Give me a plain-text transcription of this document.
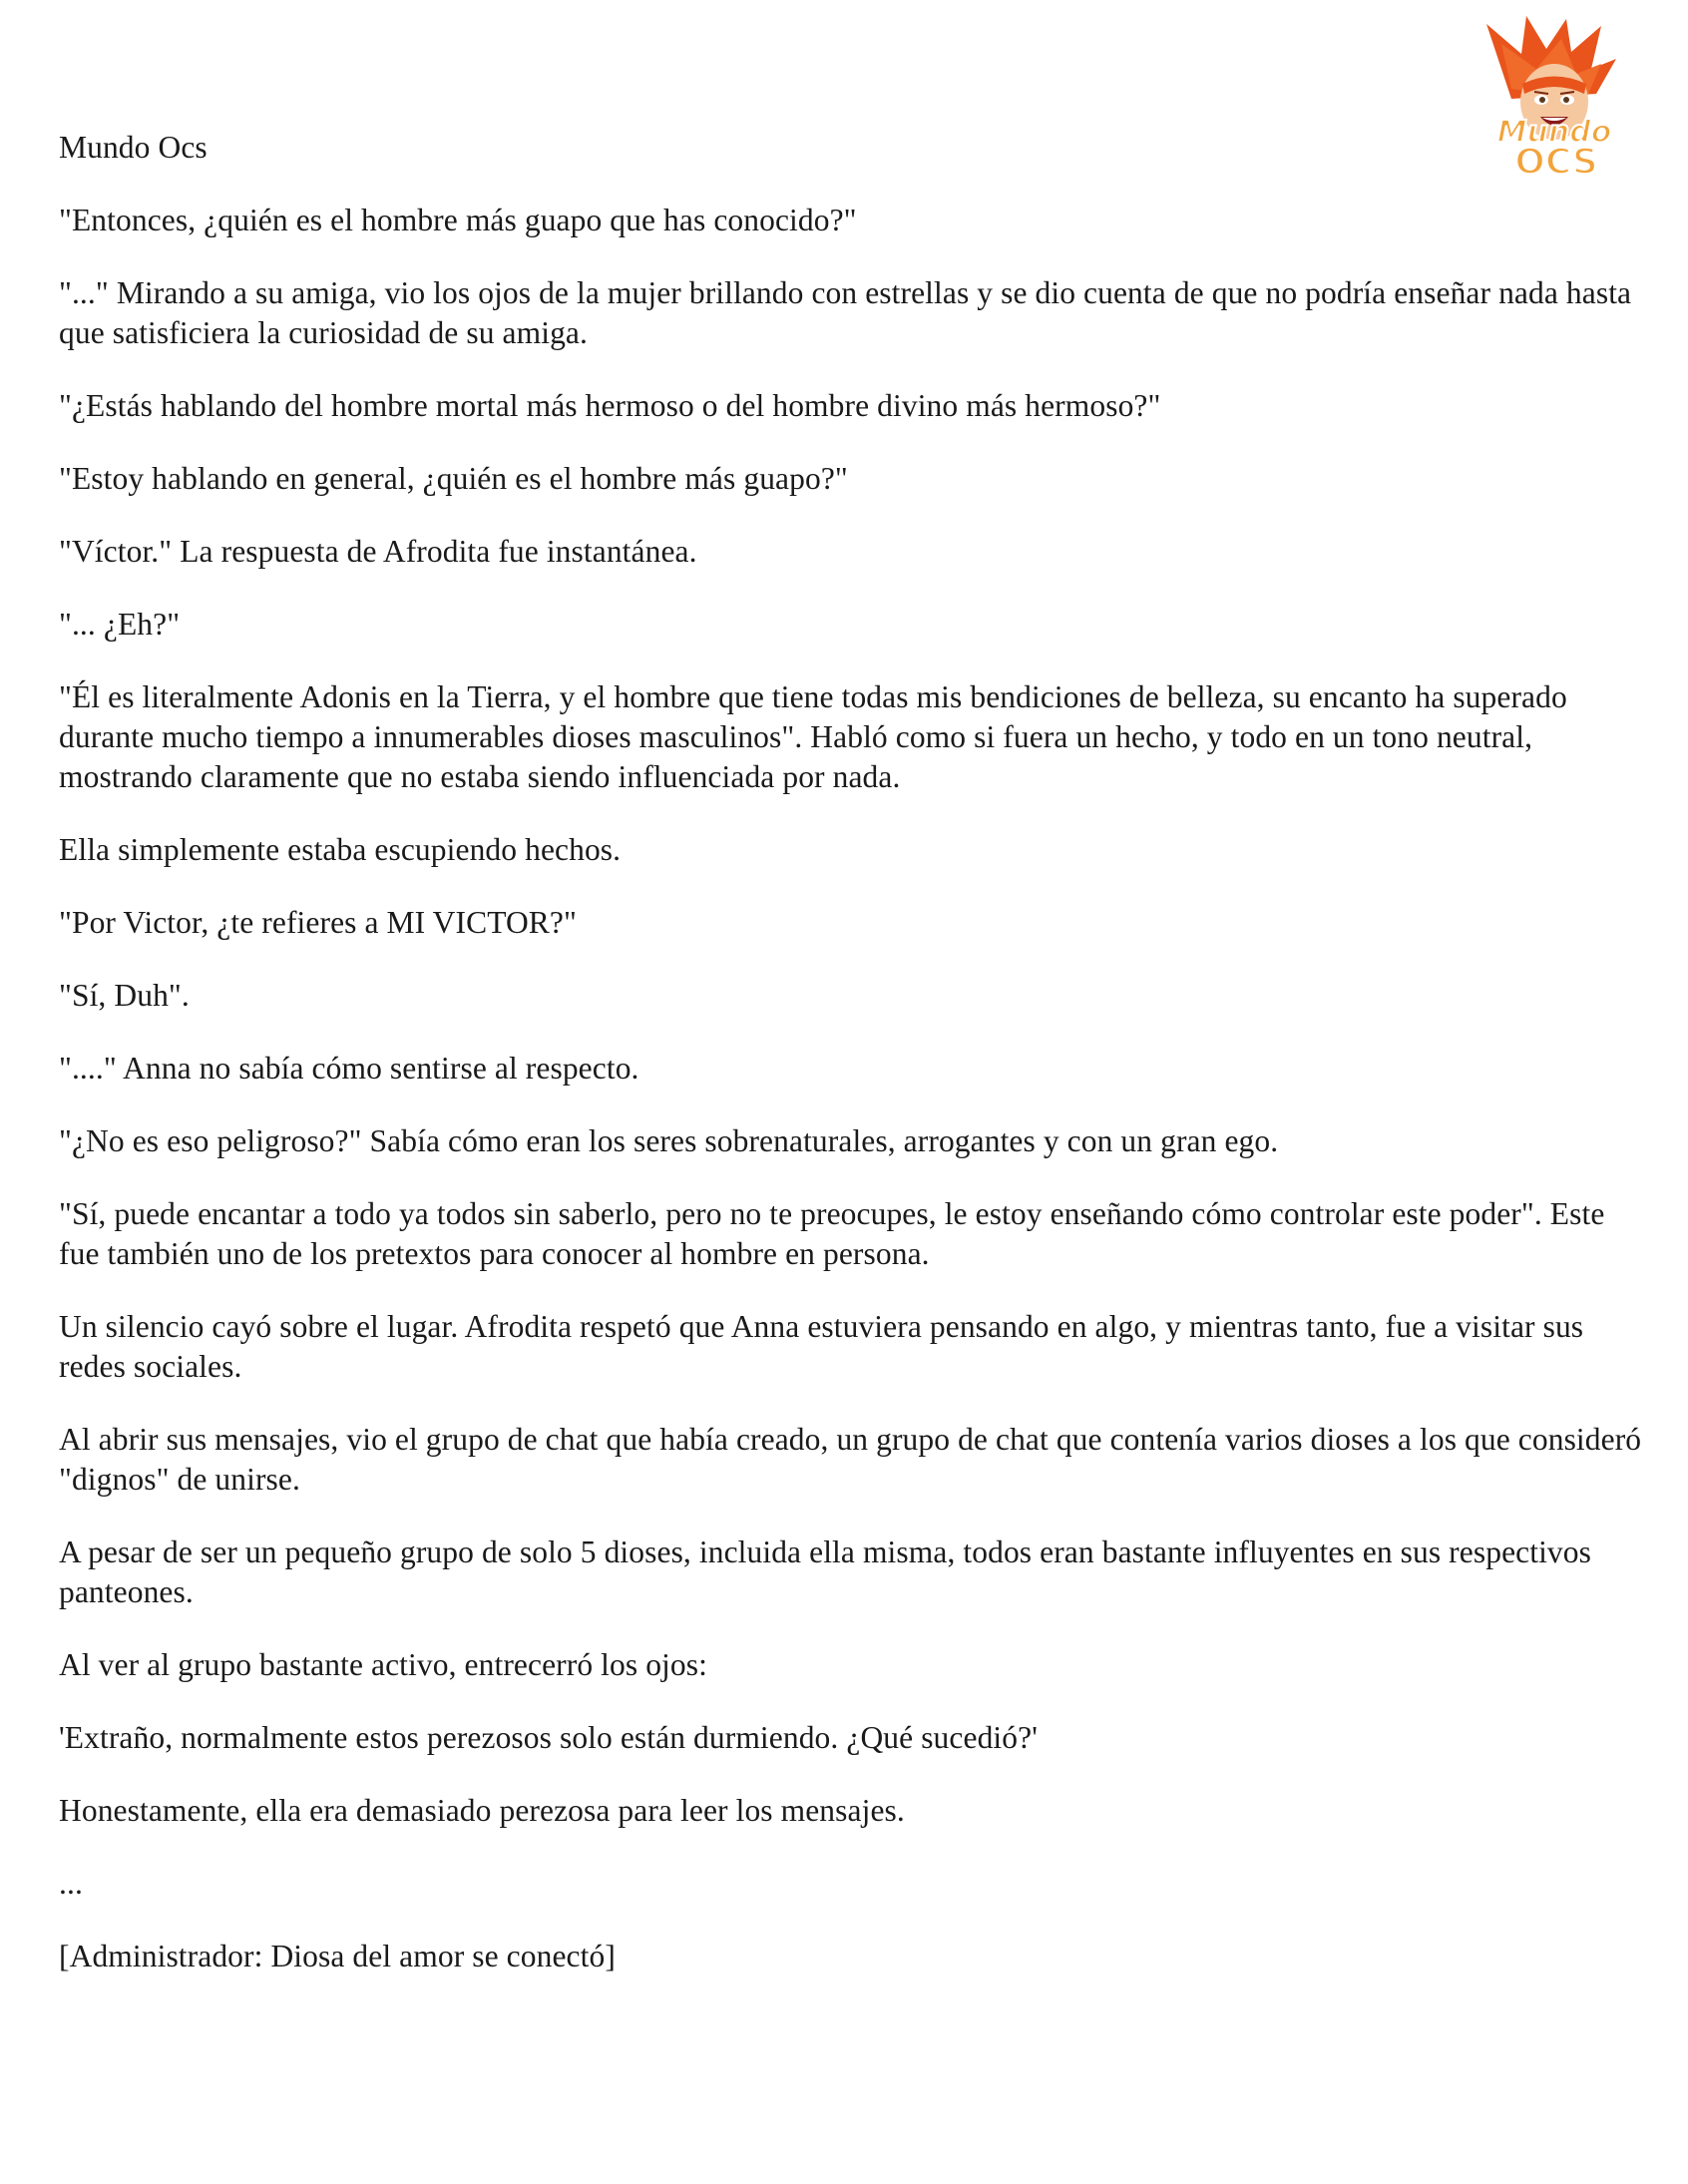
Mundo
OCS

Mundo Ocs

"Entonces, ¿quién es el hombre más guapo que has conocido?"

"..." Mirando a su amiga, vio los ojos de la mujer brillando con estrellas y se dio cuenta de que no podría enseñar nada hasta que satisficiera la curiosidad de su amiga.

"¿Estás hablando del hombre mortal más hermoso o del hombre divino más hermoso?"

"Estoy hablando en general, ¿quién es el hombre más guapo?"

"Víctor." La respuesta de Afrodita fue instantánea.

"... ¿Eh?"

"Él es literalmente Adonis en la Tierra, y el hombre que tiene todas mis bendiciones de belleza, su encanto ha superado durante mucho tiempo a innumerables dioses masculinos". Habló como si fuera un hecho, y todo en un tono neutral, mostrando claramente que no estaba siendo influenciada por nada.

Ella simplemente estaba escupiendo hechos.

"Por Victor, ¿te refieres a MI VICTOR?"

"Sí, Duh".

"...." Anna no sabía cómo sentirse al respecto.

"¿No es eso peligroso?" Sabía cómo eran los seres sobrenaturales, arrogantes y con un gran ego.

"Sí, puede encantar a todo ya todos sin saberlo, pero no te preocupes, le estoy enseñando cómo controlar este poder". Este fue también uno de los pretextos para conocer al hombre en persona.

Un silencio cayó sobre el lugar. Afrodita respetó que Anna estuviera pensando en algo, y mientras tanto, fue a visitar sus redes sociales.

Al abrir sus mensajes, vio el grupo de chat que había creado, un grupo de chat que contenía varios dioses a los que consideró "dignos" de unirse.

A pesar de ser un pequeño grupo de solo 5 dioses, incluida ella misma, todos eran bastante influyentes en sus respectivos panteones.

Al ver al grupo bastante activo, entrecerró los ojos:

'Extraño, normalmente estos perezosos solo están durmiendo. ¿Qué sucedió?'

Honestamente, ella era demasiado perezosa para leer los mensajes.

...

[Administrador: Diosa del amor se conectó]
